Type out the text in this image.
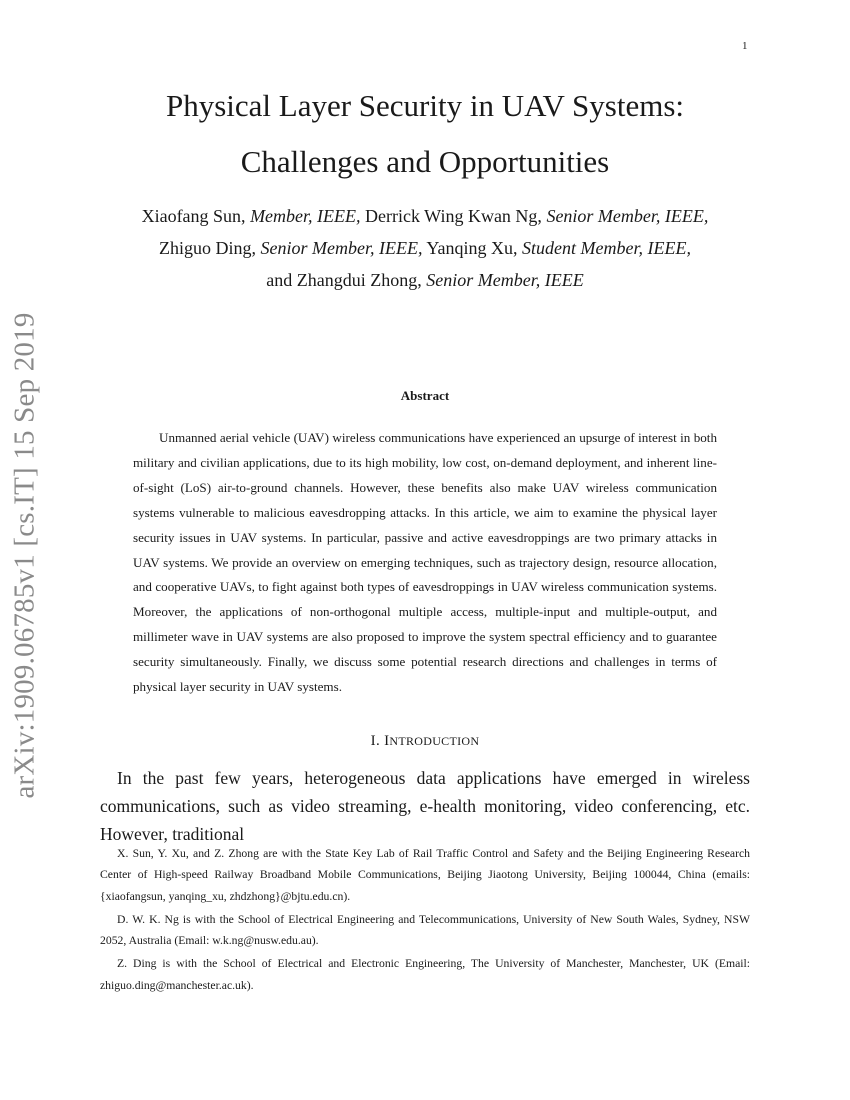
1
arXiv:1909.06785v1 [cs.IT] 15 Sep 2019
Physical Layer Security in UAV Systems:
Challenges and Opportunities
Xiaofang Sun, Member, IEEE, Derrick Wing Kwan Ng, Senior Member, IEEE,
Zhiguo Ding, Senior Member, IEEE, Yanqing Xu, Student Member, IEEE,
and Zhangdui Zhong, Senior Member, IEEE
Abstract

Unmanned aerial vehicle (UAV) wireless communications have experienced an upsurge of interest in both military and civilian applications, due to its high mobility, low cost, on-demand deployment, and inherent line-of-sight (LoS) air-to-ground channels. However, these benefits also make UAV wireless communication systems vulnerable to malicious eavesdropping attacks. In this article, we aim to examine the physical layer security issues in UAV systems. In particular, passive and active eavesdroppings are two primary attacks in UAV systems. We provide an overview on emerging techniques, such as trajectory design, resource allocation, and cooperative UAVs, to fight against both types of eavesdroppings in UAV wireless communication systems. Moreover, the applications of non-orthogonal multiple access, multiple-input and multiple-output, and millimeter wave in UAV systems are also proposed to improve the system spectral efficiency and to guarantee security simultaneously. Finally, we discuss some potential research directions and challenges in terms of physical layer security in UAV systems.

I. INTRODUCTION

In the past few years, heterogeneous data applications have emerged in wireless communications, such as video streaming, e-health monitoring, video conferencing, etc. However, traditional

X. Sun, Y. Xu, and Z. Zhong are with the State Key Lab of Rail Traffic Control and Safety and the Beijing Engineering Research Center of High-speed Railway Broadband Mobile Communications, Beijing Jiaotong University, Beijing 100044, China (emails: {xiaofangsun, yanqing_xu, zhdzhong}@bjtu.edu.cn).

D. W. K. Ng is with the School of Electrical Engineering and Telecommunications, University of New South Wales, Sydney, NSW 2052, Australia (Email: w.k.ng@nusw.edu.au).

Z. Ding is with the School of Electrical and Electronic Engineering, The University of Manchester, Manchester, UK (Email: zhiguo.ding@manchester.ac.uk).
